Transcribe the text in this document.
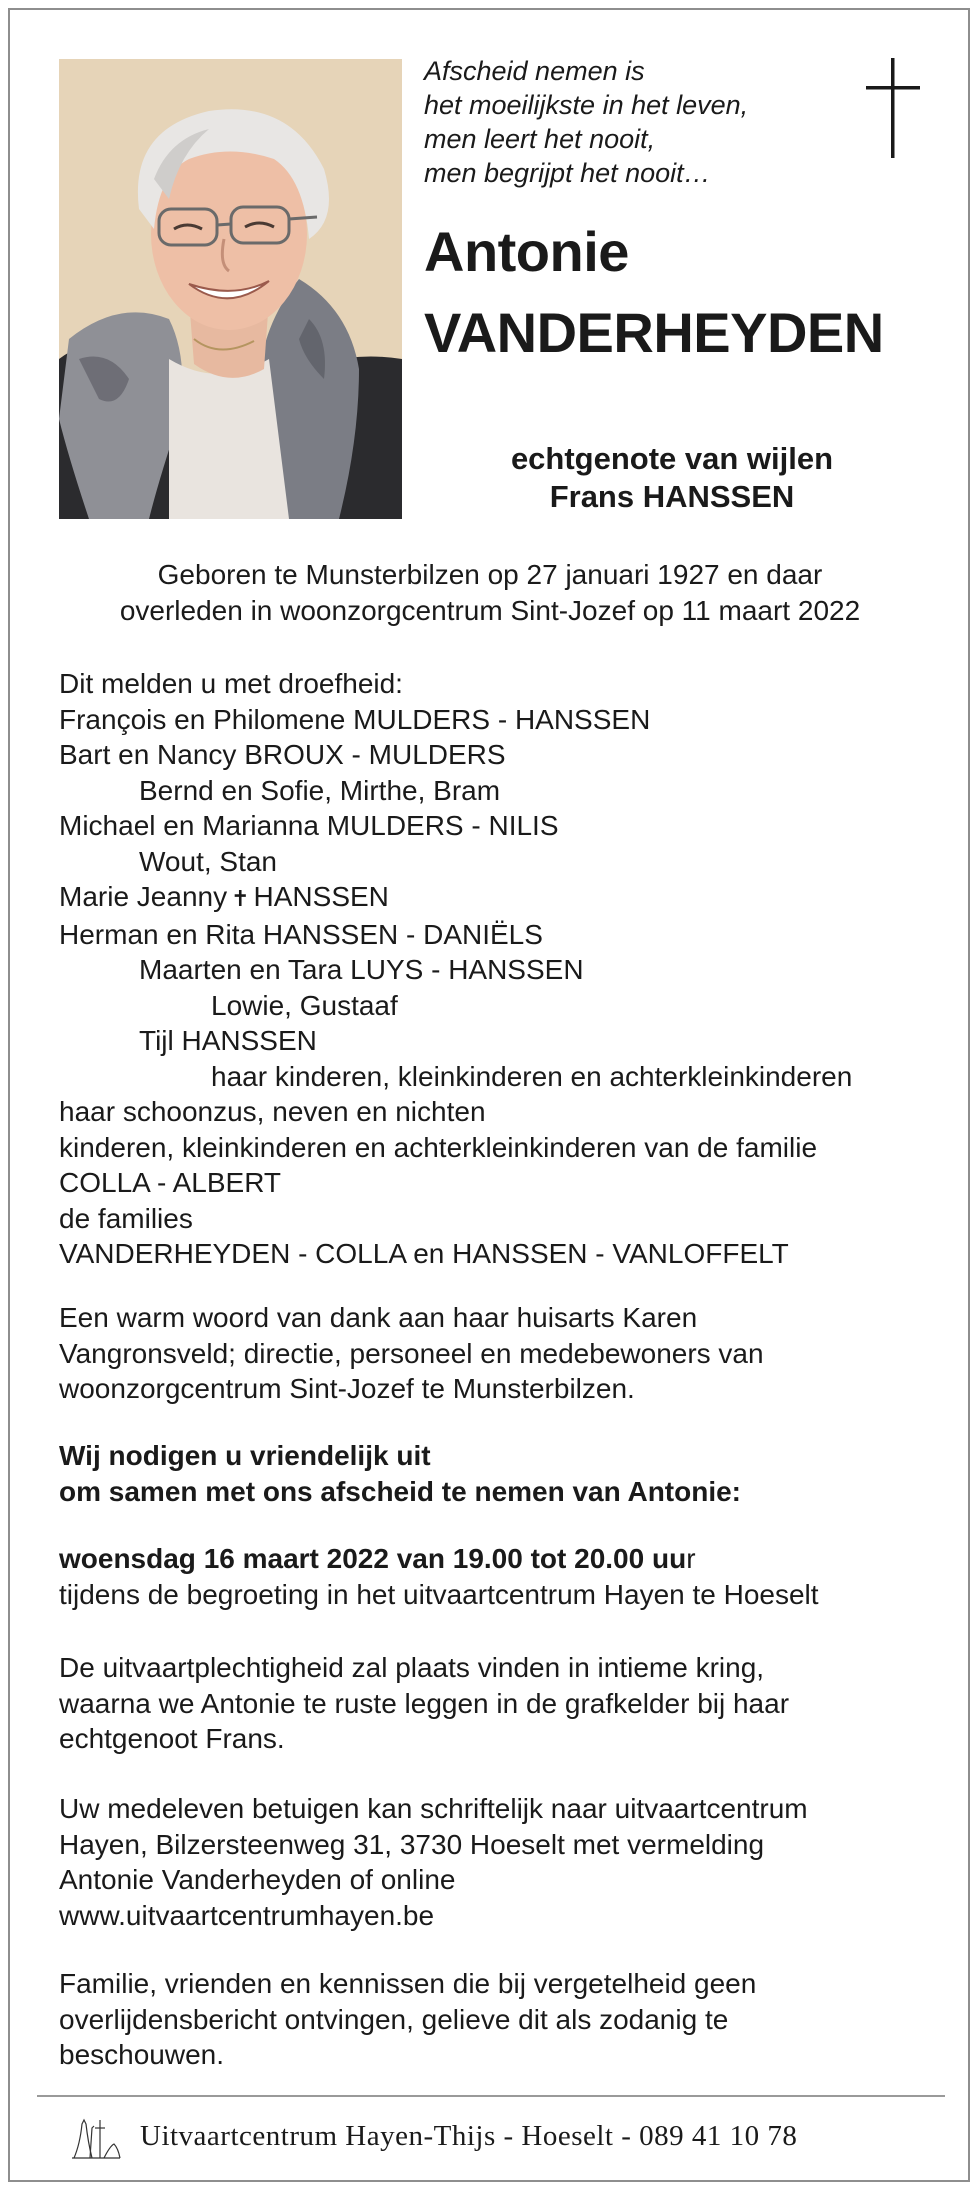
Afscheid nemen is
het moeilijkste in het leven,
men leert het nooit,
men begrijpt het nooit…
Antonie
VANDERHEYDEN
echtgenote van wijlen
Frans HANSSEN
Geboren te Munsterbilzen op 27 januari 1927 en daar
overleden in woonzorgcentrum Sint-Jozef op 11 maart 2022
Dit melden u met droefheid:
François en Philomene MULDERS - HANSSEN
Bart en Nancy BROUX - MULDERS
Bernd en Sofie, Mirthe, Bram
Michael en Marianna MULDERS - NILIS
Wout, Stan
Marie Jeanny ✝ HANSSEN
Herman en Rita HANSSEN - DANIËLS
Maarten en Tara LUYS - HANSSEN
Lowie, Gustaaf
Tijl HANSSEN
haar kinderen, kleinkinderen en achterkleinkinderen
haar schoonzus, neven en nichten
kinderen, kleinkinderen en achterkleinkinderen van de familie
COLLA - ALBERT
de families
VANDERHEYDEN - COLLA en HANSSEN - VANLOFFELT
Een warm woord van dank aan haar huisarts Karen
Vangronsveld; directie, personeel en medebewoners van
woonzorgcentrum Sint-Jozef te Munsterbilzen.
Wij nodigen u vriendelijk uit
om samen met ons afscheid te nemen van Antonie:
woensdag 16 maart 2022 van 19.00 tot 20.00 uur
tijdens de begroeting in het uitvaartcentrum Hayen te Hoeselt
De uitvaartplechtigheid zal plaats vinden in intieme kring,
waarna we Antonie te ruste leggen in de grafkelder bij haar
echtgenoot Frans.
Uw medeleven betuigen kan schriftelijk naar uitvaartcentrum
Hayen, Bilzersteenweg 31, 3730 Hoeselt met vermelding
Antonie Vanderheyden of online
www.uitvaartcentrumhayen.be
Familie, vrienden en kennissen die bij vergetelheid geen
overlijdensbericht ontvingen, gelieve dit als zodanig te
beschouwen.
Uitvaartcentrum Hayen-Thijs - Hoeselt - 089 41 10 78
